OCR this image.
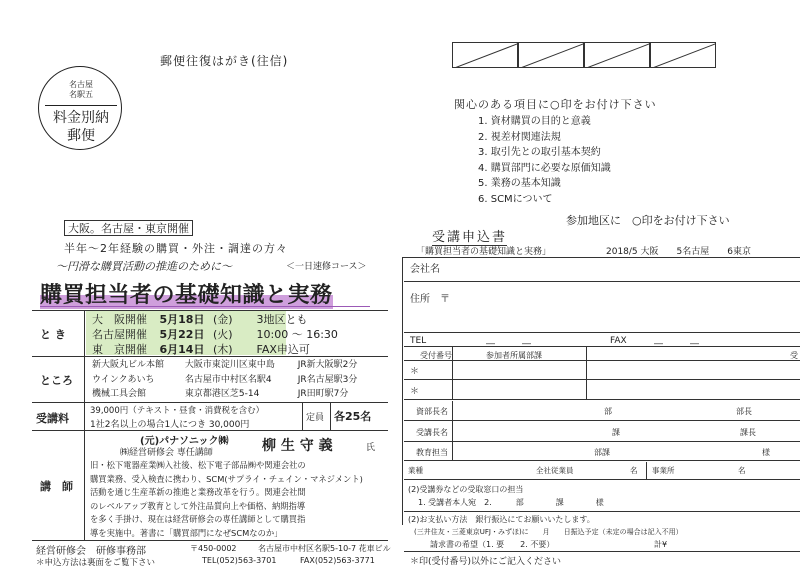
郵便往復はがき(往信)
名古屋
名駅五
料金別納
郵便
関心のある項目に○印をお付け下さい
1. 資材購買の目的と意義
2. 視差材関連法規
3. 取引先との取引基本契約
4. 購買部門に必要な原価知識
5. 業務の基本知識
6. SCMについて
参加地区に　○印をお付け下さい
大阪。名古屋・東京開催
半年～2年経験の購買・外注・調達の方々
～円滑な購買活動の推進のために～	＜一日速修コース＞
購買担当者の基礎知識と実務
と き
大　阪開催 5月18日 (金) 3地区とも
名古屋開催 5月22日 (火) 10:00 ～ 16:30
東　京開催 6月14日 (木) FAX申込可
ところ
新大阪丸ビル本館 大阪市東淀川区東中島	JR新大阪駅2分
ウインクあいち	名古屋市中村区名駅4	JR名古屋駅3分
機械工具会館	東京都港区芝5-14	JR田町駅7分
受講料
39,000円（テキスト・昼食・消費税を含む）
1社2名以上の場合1人につき 30,000円
定員 各25名
講　師
(元)パナソニック㈱
㈱経営研修会 専任講師	柳 生 守 義	氏
旧・松下電器産業㈱入社後、松下電子部品㈱や関連会社の
購買業務、受入検査に携わり、SCM(サプライ・チェイン・マネジメント)
活動を通じ生産革新の推進と業務改革を行う。関連会社間
のレベルアップ教育として外注品質向上や価格、納期指導
を多く手掛け、現在は経営研修会の専任講師として購買指
導を実施中。著書に「購買部門になぜSCMなのか」
経営研修会　研修事務部	〒450-0002	名古屋市中村区名駅5-10-7 花車ビル
＊申込方法は裏面をご覧下さい	TEL(052)563-3701	FAX(052)563-3771
受講申込書
「購買担当者の基礎知識と実務」	2018/5 大阪　　5名古屋　　6東京
会社名
住所　〒
TEL	―　　　―	FAX	―　　　―
受付番号	参加者所属部課	受
＊
＊
資部長名	部	部長
受講長名	課	課長
教育担当	部課	様
業種	全社従業員	名 事業所	名
(2)受講券などの受取窓口の担当
1. 受講者本人宛　2.　　　部　　　　課　　　　様
(2)お支払い方法　銀行振込にてお願いいたします。
(三井住友・三菱東京UFJ・みずほ)に　　月　　日振込予定（未定の場合は記入不用）
請求書の希望（1. 要　　2. 不要）	計¥
＊印(受付番号)以外にご記入ください
